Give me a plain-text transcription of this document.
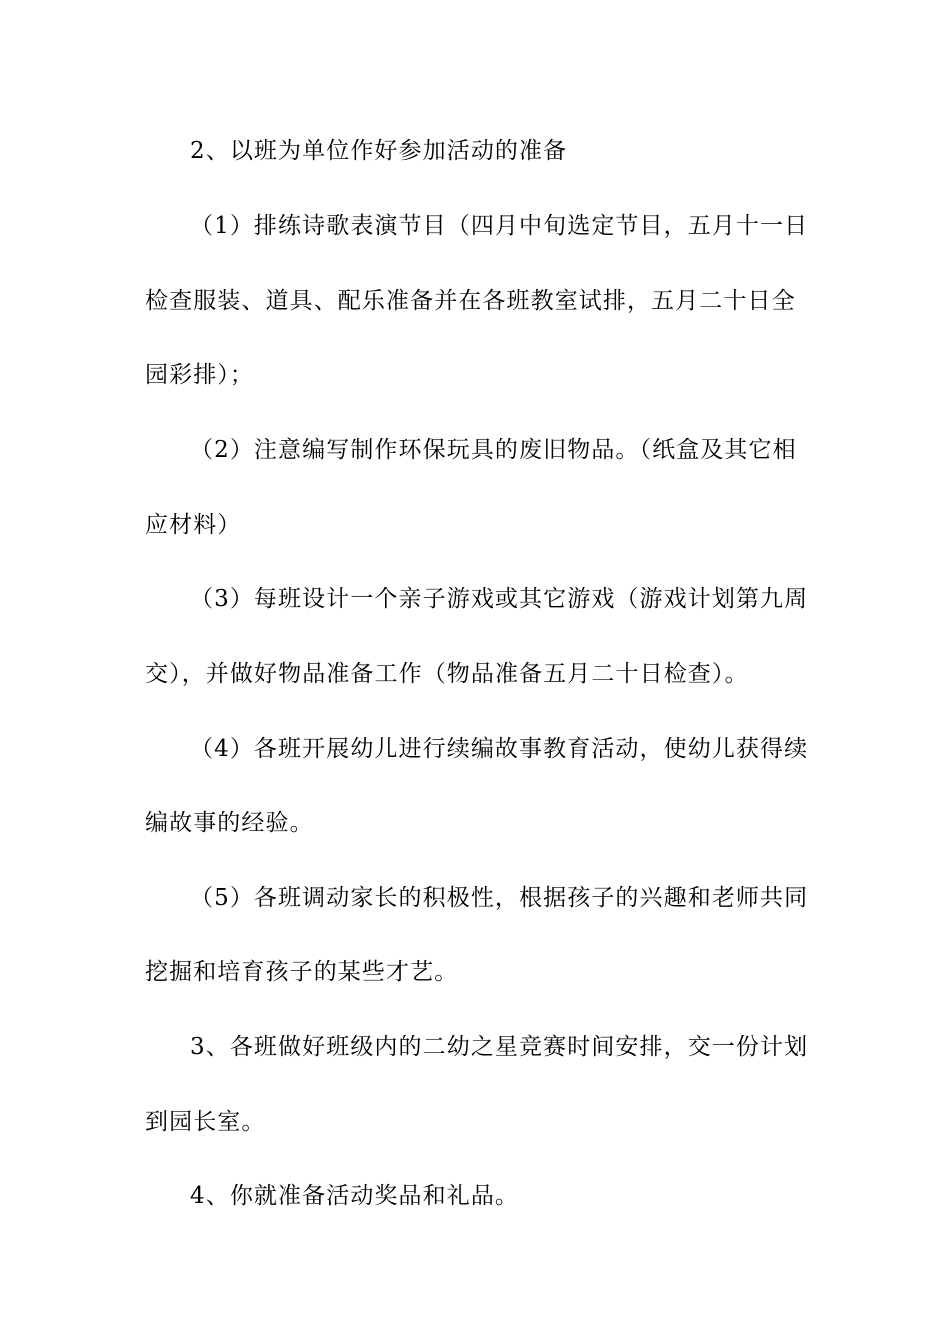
2、以班为单位作好参加活动的准备
（1）排练诗歌表演节目（四月中旬选定节目，五月十一日
检查服装、道具、配乐准备并在各班教室试排，五月二十日全
园彩排）；
（2）注意编写制作环保玩具的废旧物品。（纸盒及其它相
应材料）
（3）每班设计一个亲子游戏或其它游戏（游戏计划第九周
交），并做好物品准备工作（物品准备五月二十日检查）。
（4）各班开展幼儿进行续编故事教育活动，使幼儿获得续
编故事的经验。
（5）各班调动家长的积极性，根据孩子的兴趣和老师共同
挖掘和培育孩子的某些才艺。
3、各班做好班级内的二幼之星竞赛时间安排，交一份计划
到园长室。
4、你就准备活动奖品和礼品。
